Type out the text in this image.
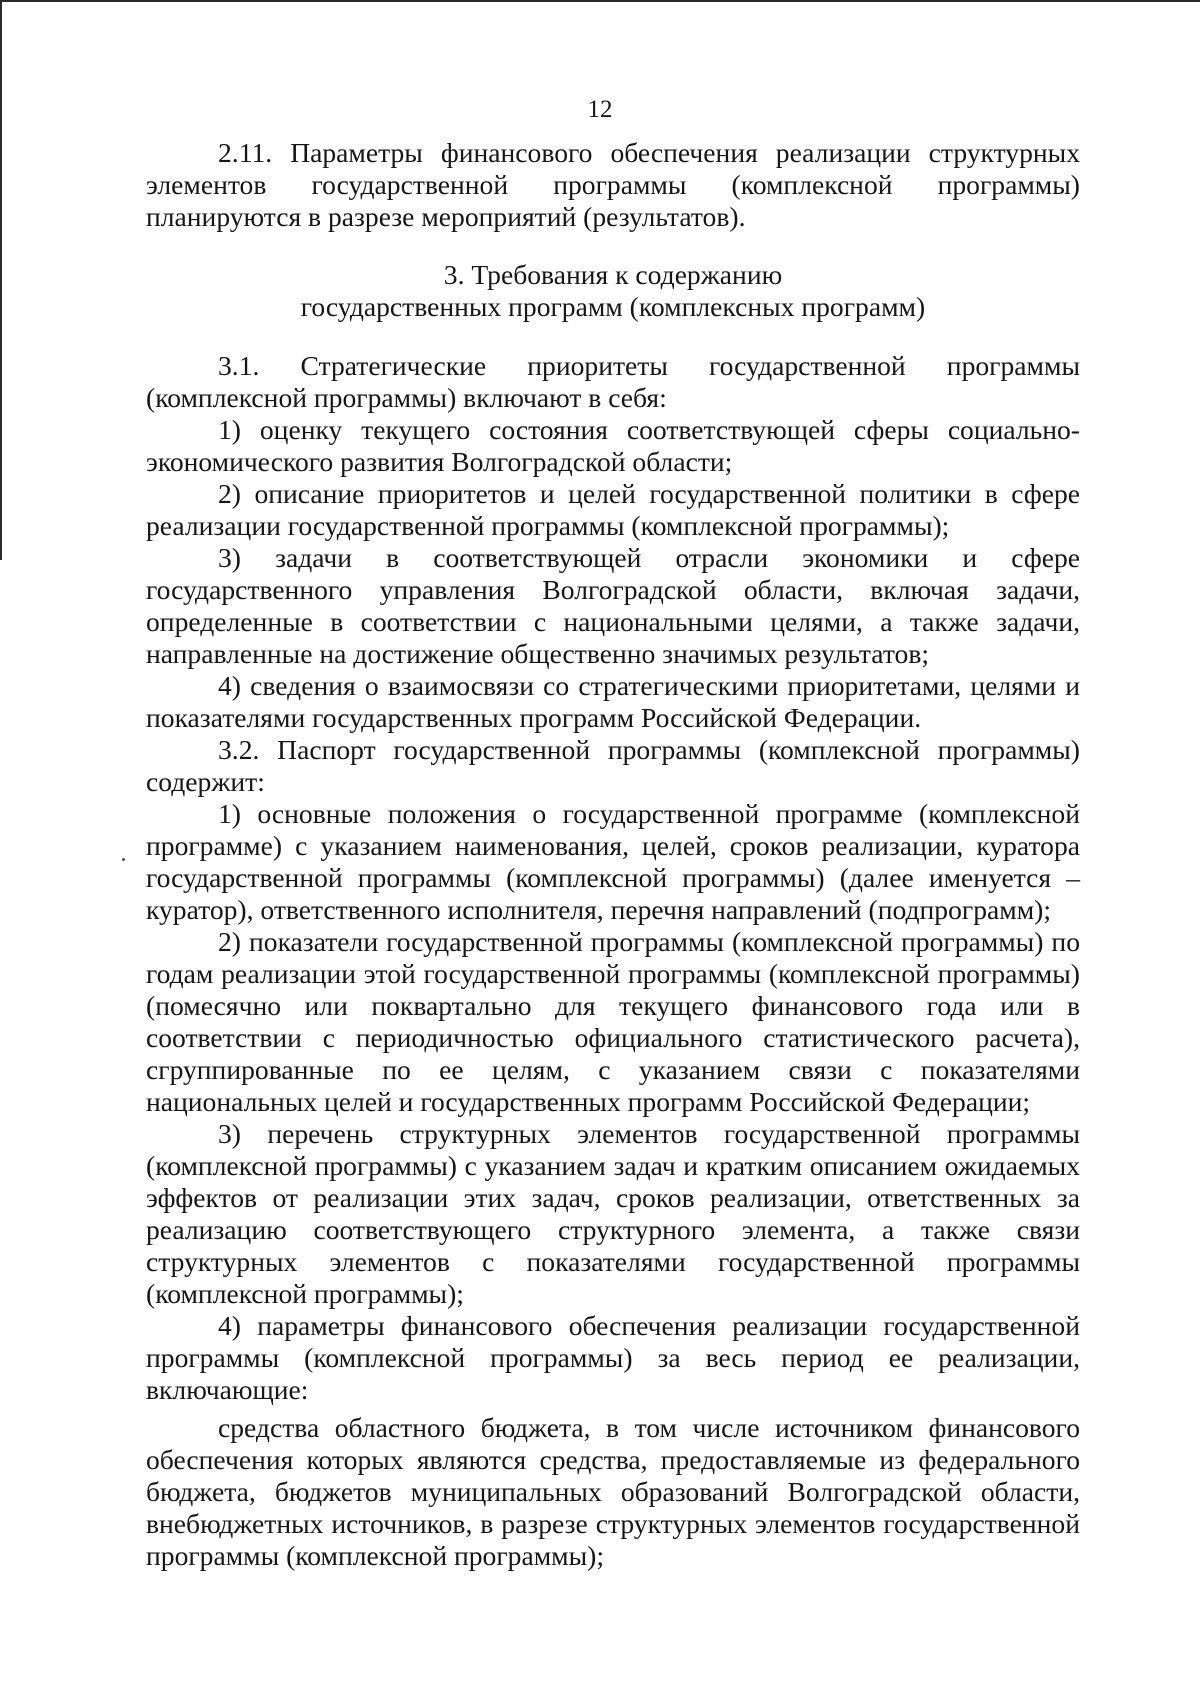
12

2.11. Параметры финансового обеспечения реализации структурных элементов государственной программы (комплексной программы) планируются в разрезе мероприятий (результатов).

3. Требования к содержанию

государственных программ (комплексных программ)

3.1. Стратегические приоритеты государственной программы (комплексной программы) включают в себя:

1) оценку текущего состояния соответствующей сферы социально-экономического развития Волгоградской области;

2) описание приоритетов и целей государственной политики в сфере реализации государственной программы (комплексной программы);

3) задачи в соответствующей отрасли экономики и сфере государственного управления Волгоградской области, включая задачи, определенные в соответствии с национальными целями, а также задачи, направленные на достижение общественно значимых результатов;

4) сведения о взаимосвязи со стратегическими приоритетами, целями и показателями государственных программ Российской Федерации.

3.2. Паспорт государственной программы (комплексной программы) содержит:

1) основные положения о государственной программе (комплексной программе) с указанием наименования, целей, сроков реализации, куратора государственной программы (комплексной программы) (далее именуется – куратор), ответственного исполнителя, перечня направлений (подпрограмм);

2) показатели государственной программы (комплексной программы) по годам реализации этой государственной программы (комплексной программы) (помесячно или поквартально для текущего финансового года или в соответствии с периодичностью официального статистического расчета), сгруппированные по ее целям, с указанием связи с показателями национальных целей и государственных программ Российской Федерации;

3) перечень структурных элементов государственной программы (комплексной программы) с указанием задач и кратким описанием ожидаемых эффектов от реализации этих задач, сроков реализации, ответственных за реализацию соответствующего структурного элемента, а также связи структурных элементов с показателями государственной программы (комплексной программы);

4) параметры финансового обеспечения реализации государственной программы (комплексной программы) за весь период ее реализации, включающие:

средства областного бюджета, в том числе источником финансового обеспечения которых являются средства, предоставляемые из федерального бюджета, бюджетов муниципальных образований Волгоградской области, внебюджетных источников, в разрезе структурных элементов государственной программы (комплексной программы);
